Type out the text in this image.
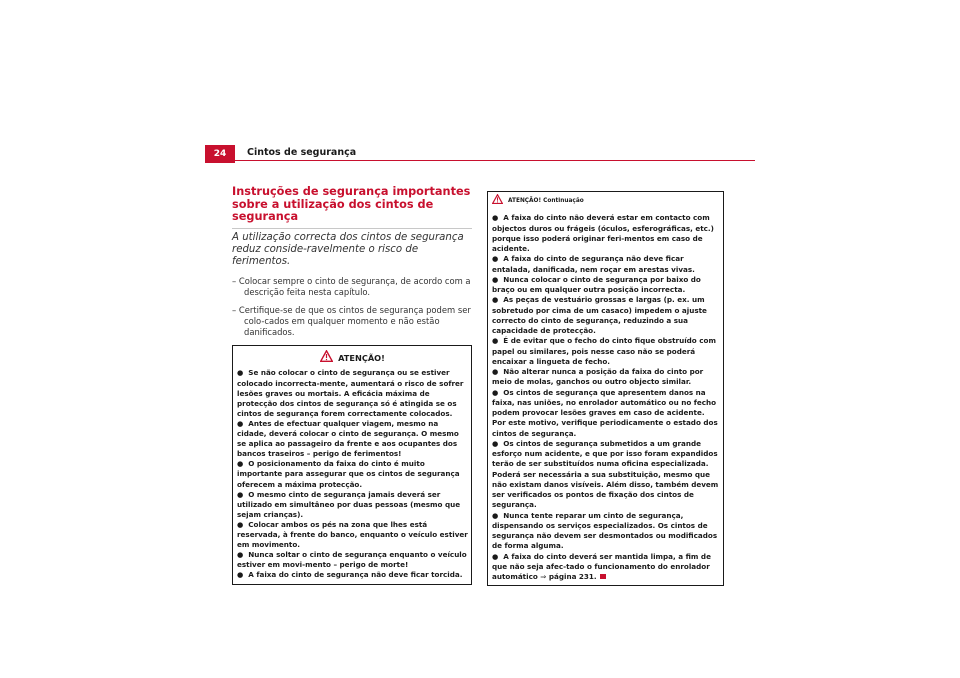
24	Cintos de segurança
Instruções de segurança importantes sobre a utilização dos cintos de segurança

A utilização correcta dos cintos de segurança reduz conside-ravelmente o risco de ferimentos.

– Colocar sempre o cinto de segurança, de acordo com a descrição feita nesta capítulo.

– Certifique-se de que os cintos de segurança podem ser colo-cados em qualquer momento e não estão danificados.

ATENÇÃO!

●  Se não colocar o cinto de segurança ou se estiver colocado incorrecta-mente, aumentará o risco de sofrer lesões graves ou mortais. A eficácia máxima de protecção dos cintos de segurança só é atingida se os cintos de segurança forem correctamente colocados.

●  Antes de efectuar qualquer viagem, mesmo na cidade, deverá colocar o cinto de segurança. O mesmo se aplica ao passageiro da frente e aos ocupantes dos bancos traseiros – perigo de ferimentos!

●  O posicionamento da faixa do cinto é muito importante para assegurar que os cintos de segurança oferecem a máxima protecção.

●  O mesmo cinto de segurança jamais deverá ser utilizado em simultâneo por duas pessoas (mesmo que sejam crianças).

●  Colocar ambos os pés na zona que lhes está reservada, à frente do banco, enquanto o veículo estiver em movimento.

●  Nunca soltar o cinto de segurança enquanto o veículo estiver em movi-mento – perigo de morte!

●  A faixa do cinto de segurança não deve ficar torcida.

ATENÇÃO! Continuação

●  A faixa do cinto não deverá estar em contacto com objectos duros ou frágeis (óculos, esferográficas, etc.) porque isso poderá originar feri-mentos em caso de acidente.

●  A faixa do cinto de segurança não deve ficar entalada, danificada, nem roçar em arestas vivas.

●  Nunca colocar o cinto de segurança por baixo do braço ou em qualquer outra posição incorrecta.

●  As peças de vestuário grossas e largas (p. ex. um sobretudo por cima de um casaco) impedem o ajuste correcto do cinto de segurança, reduzindo a sua capacidade de protecção.

●  É de evitar que o fecho do cinto fique obstruído com papel ou similares, pois nesse caso não se poderá encaixar a lingueta de fecho.

●  Não alterar nunca a posição da faixa do cinto por meio de molas, ganchos ou outro objecto similar.

●  Os cintos de segurança que apresentem danos na faixa, nas uniões, no enrolador automático ou no fecho podem provocar lesões graves em caso de acidente. Por este motivo, verifique periodicamente o estado dos cintos de segurança.

●  Os cintos de segurança submetidos a um grande esforço num acidente, e que por isso foram expandidos terão de ser substituídos numa oficina especializada. Poderá ser necessária a sua substituição, mesmo que não existam danos visíveis. Além disso, também devem ser verificados os pontos de fixação dos cintos de segurança.

●  Nunca tente reparar um cinto de segurança, dispensando os serviços especializados. Os cintos de segurança não devem ser desmontados ou modificados de forma alguma.

●  A faixa do cinto deverá ser mantida limpa, a fim de que não seja afec-tado o funcionamento do enrolador automático ⇒ página 231.
